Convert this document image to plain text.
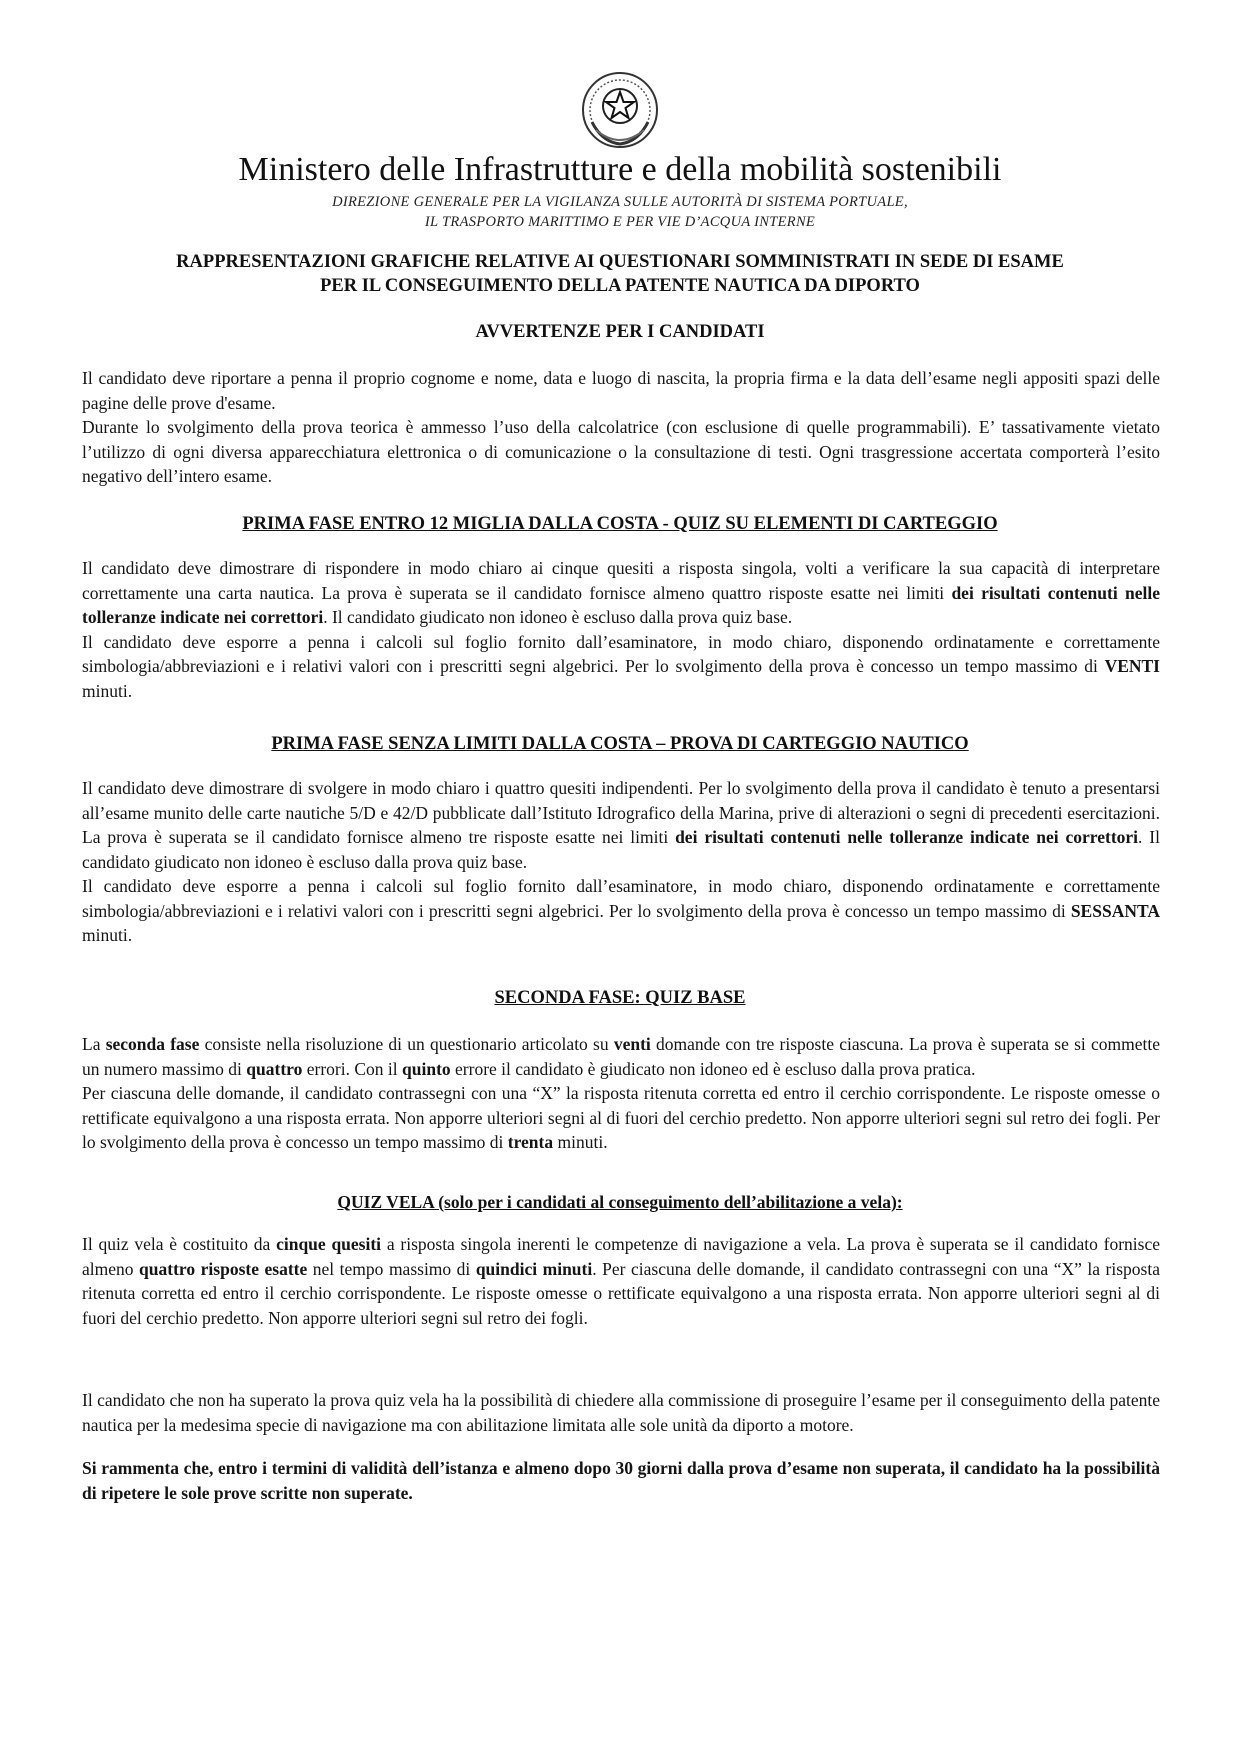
Ministero delle Infrastrutture e della mobilità sostenibili
DIREZIONE GENERALE PER LA VIGILANZA SULLE AUTORITÀ DI SISTEMA PORTUALE,
IL TRASPORTO MARITTIMO E PER VIE D’ACQUA INTERNE
RAPPRESENTAZIONI GRAFICHE RELATIVE AI QUESTIONARI SOMMINISTRATI IN SEDE DI ESAME
PER IL CONSEGUIMENTO DELLA PATENTE NAUTICA DA DIPORTO
AVVERTENZE PER I CANDIDATI
Il candidato deve riportare a penna il proprio cognome e nome, data e luogo di nascita, la propria firma e la data dell’esame negli appositi spazi delle pagine delle prove d'esame.
Durante lo svolgimento della prova teorica è ammesso l’uso della calcolatrice (con esclusione di quelle programmabili). E’ tassativamente vietato l’utilizzo di ogni diversa apparecchiatura elettronica o di comunicazione o la consultazione di testi. Ogni trasgressione accertata comporterà l’esito negativo dell’intero esame.
PRIMA FASE ENTRO 12 MIGLIA DALLA COSTA - QUIZ SU ELEMENTI DI CARTEGGIO
Il candidato deve dimostrare di rispondere in modo chiaro ai cinque quesiti a risposta singola, volti a verificare la sua capacità di interpretare correttamente una carta nautica. La prova è superata se il candidato fornisce almeno quattro risposte esatte nei limiti dei risultati contenuti nelle tolleranze indicate nei correttori. Il candidato giudicato non idoneo è escluso dalla prova quiz base.
Il candidato deve esporre a penna i calcoli sul foglio fornito dall’esaminatore, in modo chiaro, disponendo ordinatamente e correttamente simbologia/abbreviazioni e i relativi valori con i prescritti segni algebrici. Per lo svolgimento della prova è concesso un tempo massimo di VENTI minuti.
PRIMA FASE SENZA LIMITI DALLA COSTA – PROVA DI CARTEGGIO NAUTICO
Il candidato deve dimostrare di svolgere in modo chiaro i quattro quesiti indipendenti. Per lo svolgimento della prova il candidato è tenuto a presentarsi all’esame munito delle carte nautiche 5/D e 42/D pubblicate dall’Istituto Idrografico della Marina, prive di alterazioni o segni di precedenti esercitazioni. La prova è superata se il candidato fornisce almeno tre risposte esatte nei limiti dei risultati contenuti nelle tolleranze indicate nei correttori. Il candidato giudicato non idoneo è escluso dalla prova quiz base.
Il candidato deve esporre a penna i calcoli sul foglio fornito dall’esaminatore, in modo chiaro, disponendo ordinatamente e correttamente simbologia/abbreviazioni e i relativi valori con i prescritti segni algebrici. Per lo svolgimento della prova è concesso un tempo massimo di SESSANTA minuti.
SECONDA FASE: QUIZ BASE
La seconda fase consiste nella risoluzione di un questionario articolato su venti domande con tre risposte ciascuna. La prova è superata se si commette un numero massimo di quattro errori. Con il quinto errore il candidato è giudicato non idoneo ed è escluso dalla prova pratica.
Per ciascuna delle domande, il candidato contrassegni con una “X” la risposta ritenuta corretta ed entro il cerchio corrispondente. Le risposte omesse o rettificate equivalgono a una risposta errata. Non apporre ulteriori segni al di fuori del cerchio predetto. Non apporre ulteriori segni sul retro dei fogli. Per lo svolgimento della prova è concesso un tempo massimo di trenta minuti.
QUIZ VELA (solo per i candidati al conseguimento dell’abilitazione a vela):
Il quiz vela è costituito da cinque quesiti a risposta singola inerenti le competenze di navigazione a vela. La prova è superata se il candidato fornisce almeno quattro risposte esatte nel tempo massimo di quindici minuti. Per ciascuna delle domande, il candidato contrassegni con una “X” la risposta ritenuta corretta ed entro il cerchio corrispondente. Le risposte omesse o rettificate equivalgono a una risposta errata. Non apporre ulteriori segni al di fuori del cerchio predetto. Non apporre ulteriori segni sul retro dei fogli.
Il candidato che non ha superato la prova quiz vela ha la possibilità di chiedere alla commissione di proseguire l’esame per il conseguimento della patente nautica per la medesima specie di navigazione ma con abilitazione limitata alle sole unità da diporto a motore.
Si rammenta che, entro i termini di validità dell’istanza e almeno dopo 30 giorni dalla prova d’esame non superata, il candidato ha la possibilità di ripetere le sole prove scritte non superate.
